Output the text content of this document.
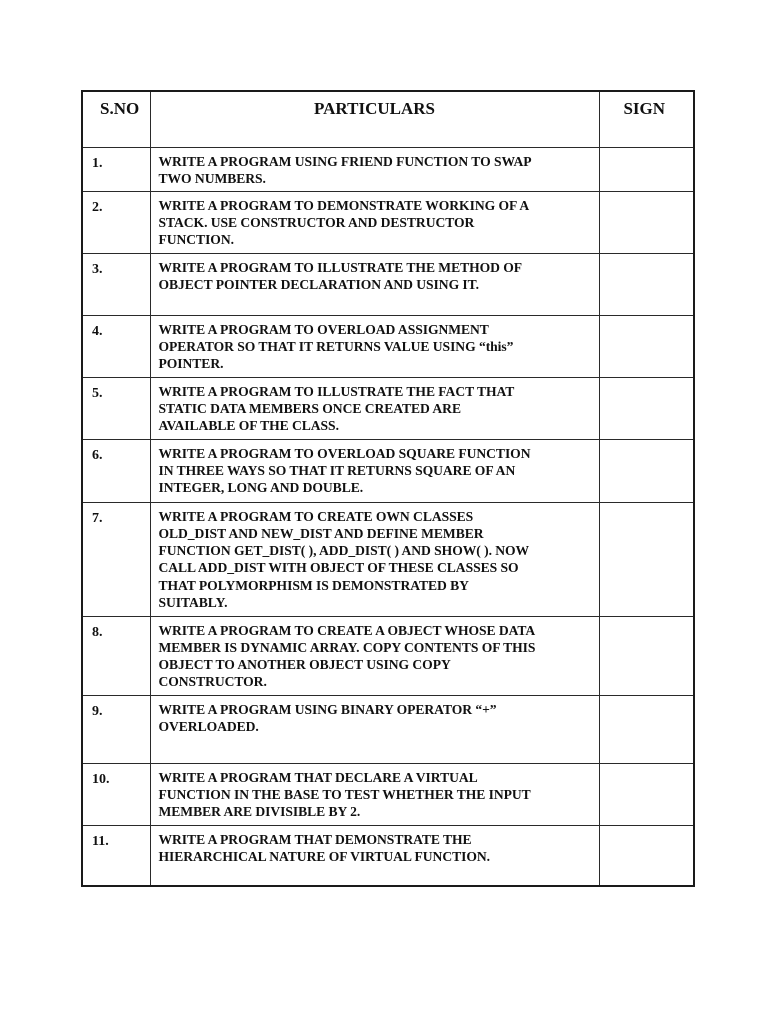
S.NO	PARTICULARS	SIGN
1.	WRITE A PROGRAM USING FRIEND FUNCTION TO SWAP
TWO NUMBERS.	

2.	WRITE A PROGRAM TO DEMONSTRATE WORKING OF A
STACK. USE CONSTRUCTOR AND DESTRUCTOR
FUNCTION.	

3.	WRITE A PROGRAM TO ILLUSTRATE THE METHOD OF
OBJECT POINTER DECLARATION AND USING IT.	

4.	WRITE A PROGRAM TO OVERLOAD ASSIGNMENT
OPERATOR SO THAT IT RETURNS VALUE USING “this”
POINTER.	

5.	WRITE A PROGRAM TO ILLUSTRATE THE FACT THAT
STATIC DATA MEMBERS ONCE CREATED ARE
AVAILABLE OF THE CLASS.	

6.	WRITE A PROGRAM TO OVERLOAD SQUARE FUNCTION
IN THREE WAYS SO THAT IT RETURNS SQUARE OF AN
INTEGER, LONG AND DOUBLE.	

7.	WRITE A PROGRAM TO CREATE OWN CLASSES
OLD_DIST AND NEW_DIST AND DEFINE MEMBER
FUNCTION GET_DIST( ), ADD_DIST( ) AND SHOW( ). NOW
CALL ADD_DIST WITH OBJECT OF THESE CLASSES SO
THAT POLYMORPHISM IS DEMONSTRATED BY
SUITABLY.

8.	WRITE A PROGRAM TO CREATE A OBJECT WHOSE DATA
MEMBER IS DYNAMIC ARRAY. COPY CONTENTS OF THIS
OBJECT TO ANOTHER OBJECT USING COPY
CONSTRUCTOR.	

9.	WRITE A PROGRAM USING BINARY OPERATOR “+”
OVERLOADED.	

10.	WRITE A PROGRAM THAT DECLARE A VIRTUAL
FUNCTION IN THE BASE TO TEST WHETHER THE INPUT
MEMBER ARE DIVISIBLE BY 2.	

11.	WRITE A PROGRAM THAT DEMONSTRATE THE
HIERARCHICAL NATURE OF VIRTUAL FUNCTION.	
